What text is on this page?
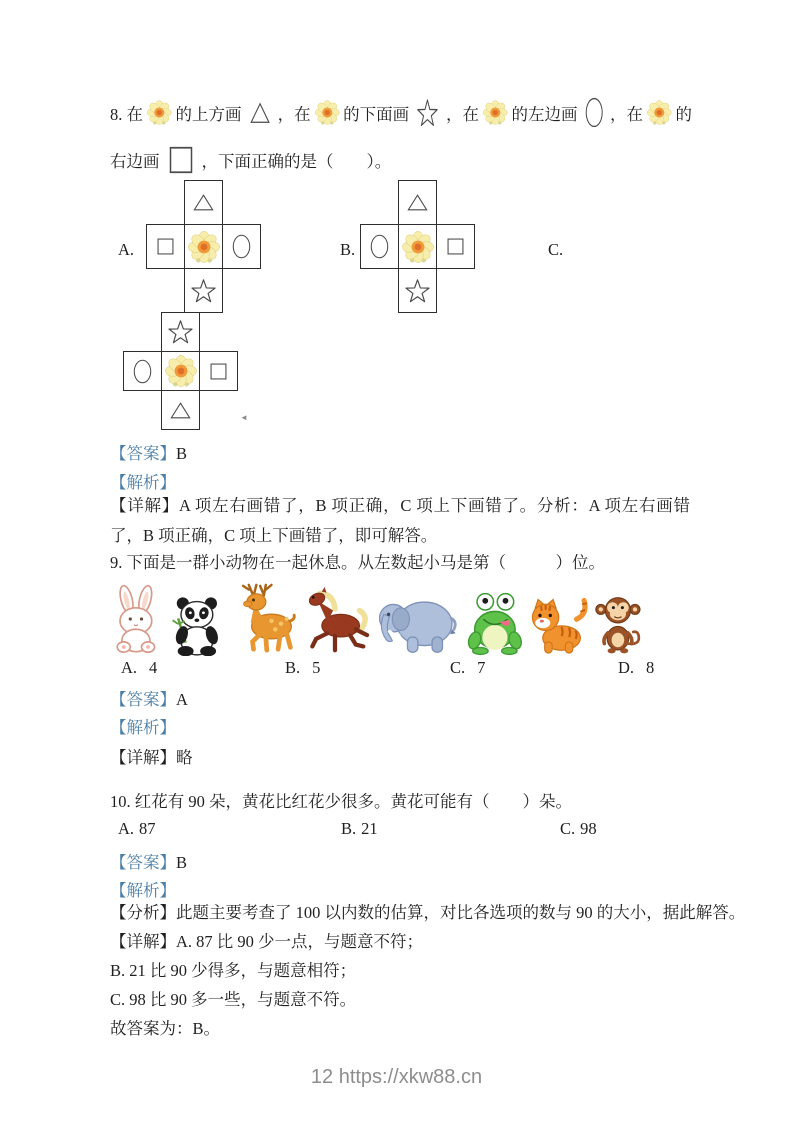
8. 在 的上方画 ，在 的下面画 ，在 的左边画 ，在 的
右边画	，下面正确的是（　　）。
A.	B.	C.
◄
【答案】B
【解析】
【详解】A 项左右画错了，B 项正确，C 项上下画错了。分析：A 项左右画错了，B 项正确，C 项上下画错了，即可解答。
9. 下面是一群小动物在一起休息。从左数起小马是第（　　　）位。
A. 4	B. 5	C. 7	D. 8
【答案】A
【解析】
【详解】略
10. 红花有 90 朵，黄花比红花少很多。黄花可能有（　　）朵。
A. 87	B. 21	C. 98
【答案】B
【解析】
【分析】此题主要考查了 100 以内数的估算，对比各选项的数与 90 的大小，据此解答。
【详解】A. 87 比 90 少一点，与题意不符；
B. 21 比 90 少得多，与题意相符；
C. 98 比 90 多一些，与题意不符。
故答案为：B。
12 https://xkw88.cn
